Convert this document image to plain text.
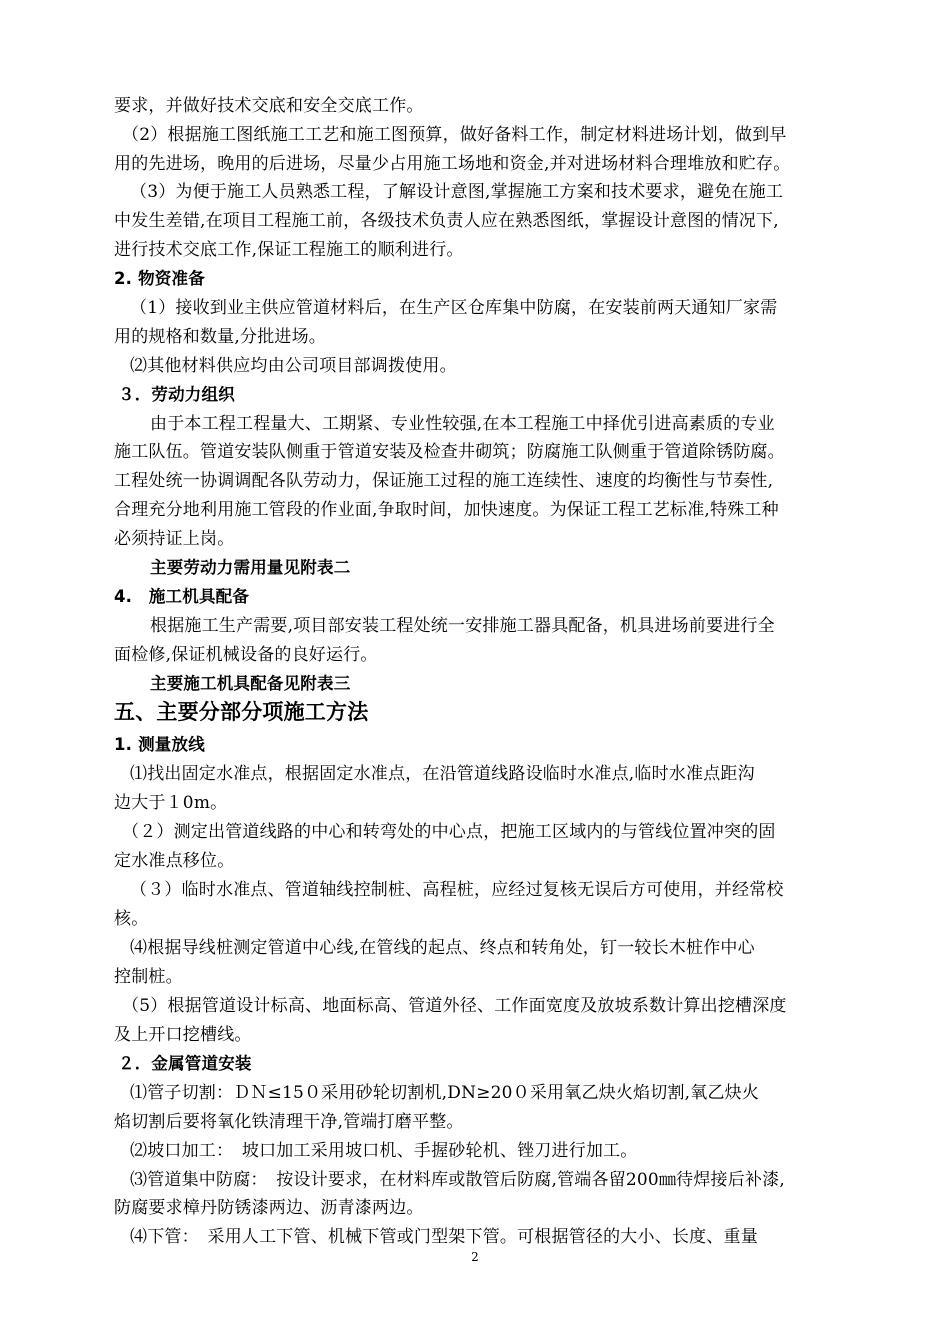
要求，并做好技术交底和安全交底工作。
（2）根据施工图纸施工工艺和施工图预算，做好备料工作，制定材料进场计划，做到早
用的先进场，晚用的后进场，尽量少占用施工场地和资金,并对进场材料合理堆放和贮存。
（3）为便于施工人员熟悉工程，了解设计意图,掌握施工方案和技术要求，避免在施工
中发生差错,在项目工程施工前，各级技术负责人应在熟悉图纸，掌握设计意图的情况下,
进行技术交底工作,保证工程施工的顺利进行。
2. 物资准备
（1）接收到业主供应管道材料后，在生产区仓库集中防腐，在安装前两天通知厂家需
用的规格和数量,分批进场。
⑵其他材料供应均由公司项目部调拨使用。
３．劳动力组织
由于本工程工程量大、工期紧、专业性较强,在本工程施工中择优引进高素质的专业
施工队伍。管道安装队侧重于管道安装及检查井砌筑；防腐施工队侧重于管道除锈防腐。
工程处统一协调调配各队劳动力，保证施工过程的施工连续性、速度的均衡性与节奏性,
合理充分地利用施工管段的作业面,争取时间，加快速度。为保证工程工艺标准,特殊工种
必须持证上岗。
主要劳动力需用量见附表二
4.　施工机具配备
根据施工生产需要,项目部安装工程处统一安排施工器具配备，机具进场前要进行全
面检修,保证机械设备的良好运行。
主要施工机具配备见附表三
五、主要分部分项施工方法
1. 测量放线
⑴找出固定水准点，根据固定水准点，在沿管道线路设临时水准点,临时水准点距沟
边大于１0m。
（２）测定出管道线路的中心和转弯处的中心点，把施工区域内的与管线位置冲突的固
定水准点移位。
（３）临时水准点、管道轴线控制桩、高程桩，应经过复核无误后方可使用，并经常校
核。
⑷根据导线桩测定管道中心线,在管线的起点、终点和转角处，钉一较长木桩作中心
控制桩。
（5）根据管道设计标高、地面标高、管道外径、工作面宽度及放坡系数计算出挖槽深度
及上开口挖槽线。
２．金属管道安装
⑴管子切割：ＤＮ≤15０采用砂轮切割机,DN≥20０采用氧乙炔火焰切割,氧乙炔火
焰切割后要将氧化铁清理干净,管端打磨平整。
⑵坡口加工：　坡口加工采用坡口机、手握砂轮机、锉刀进行加工。
⑶管道集中防腐：　按设计要求，在材料库或散管后防腐,管端各留200㎜待焊接后补漆,
防腐要求樟丹防锈漆两边、沥青漆两边。
⑷下管：　采用人工下管、机械下管或门型架下管。可根据管径的大小、长度、重量
2
